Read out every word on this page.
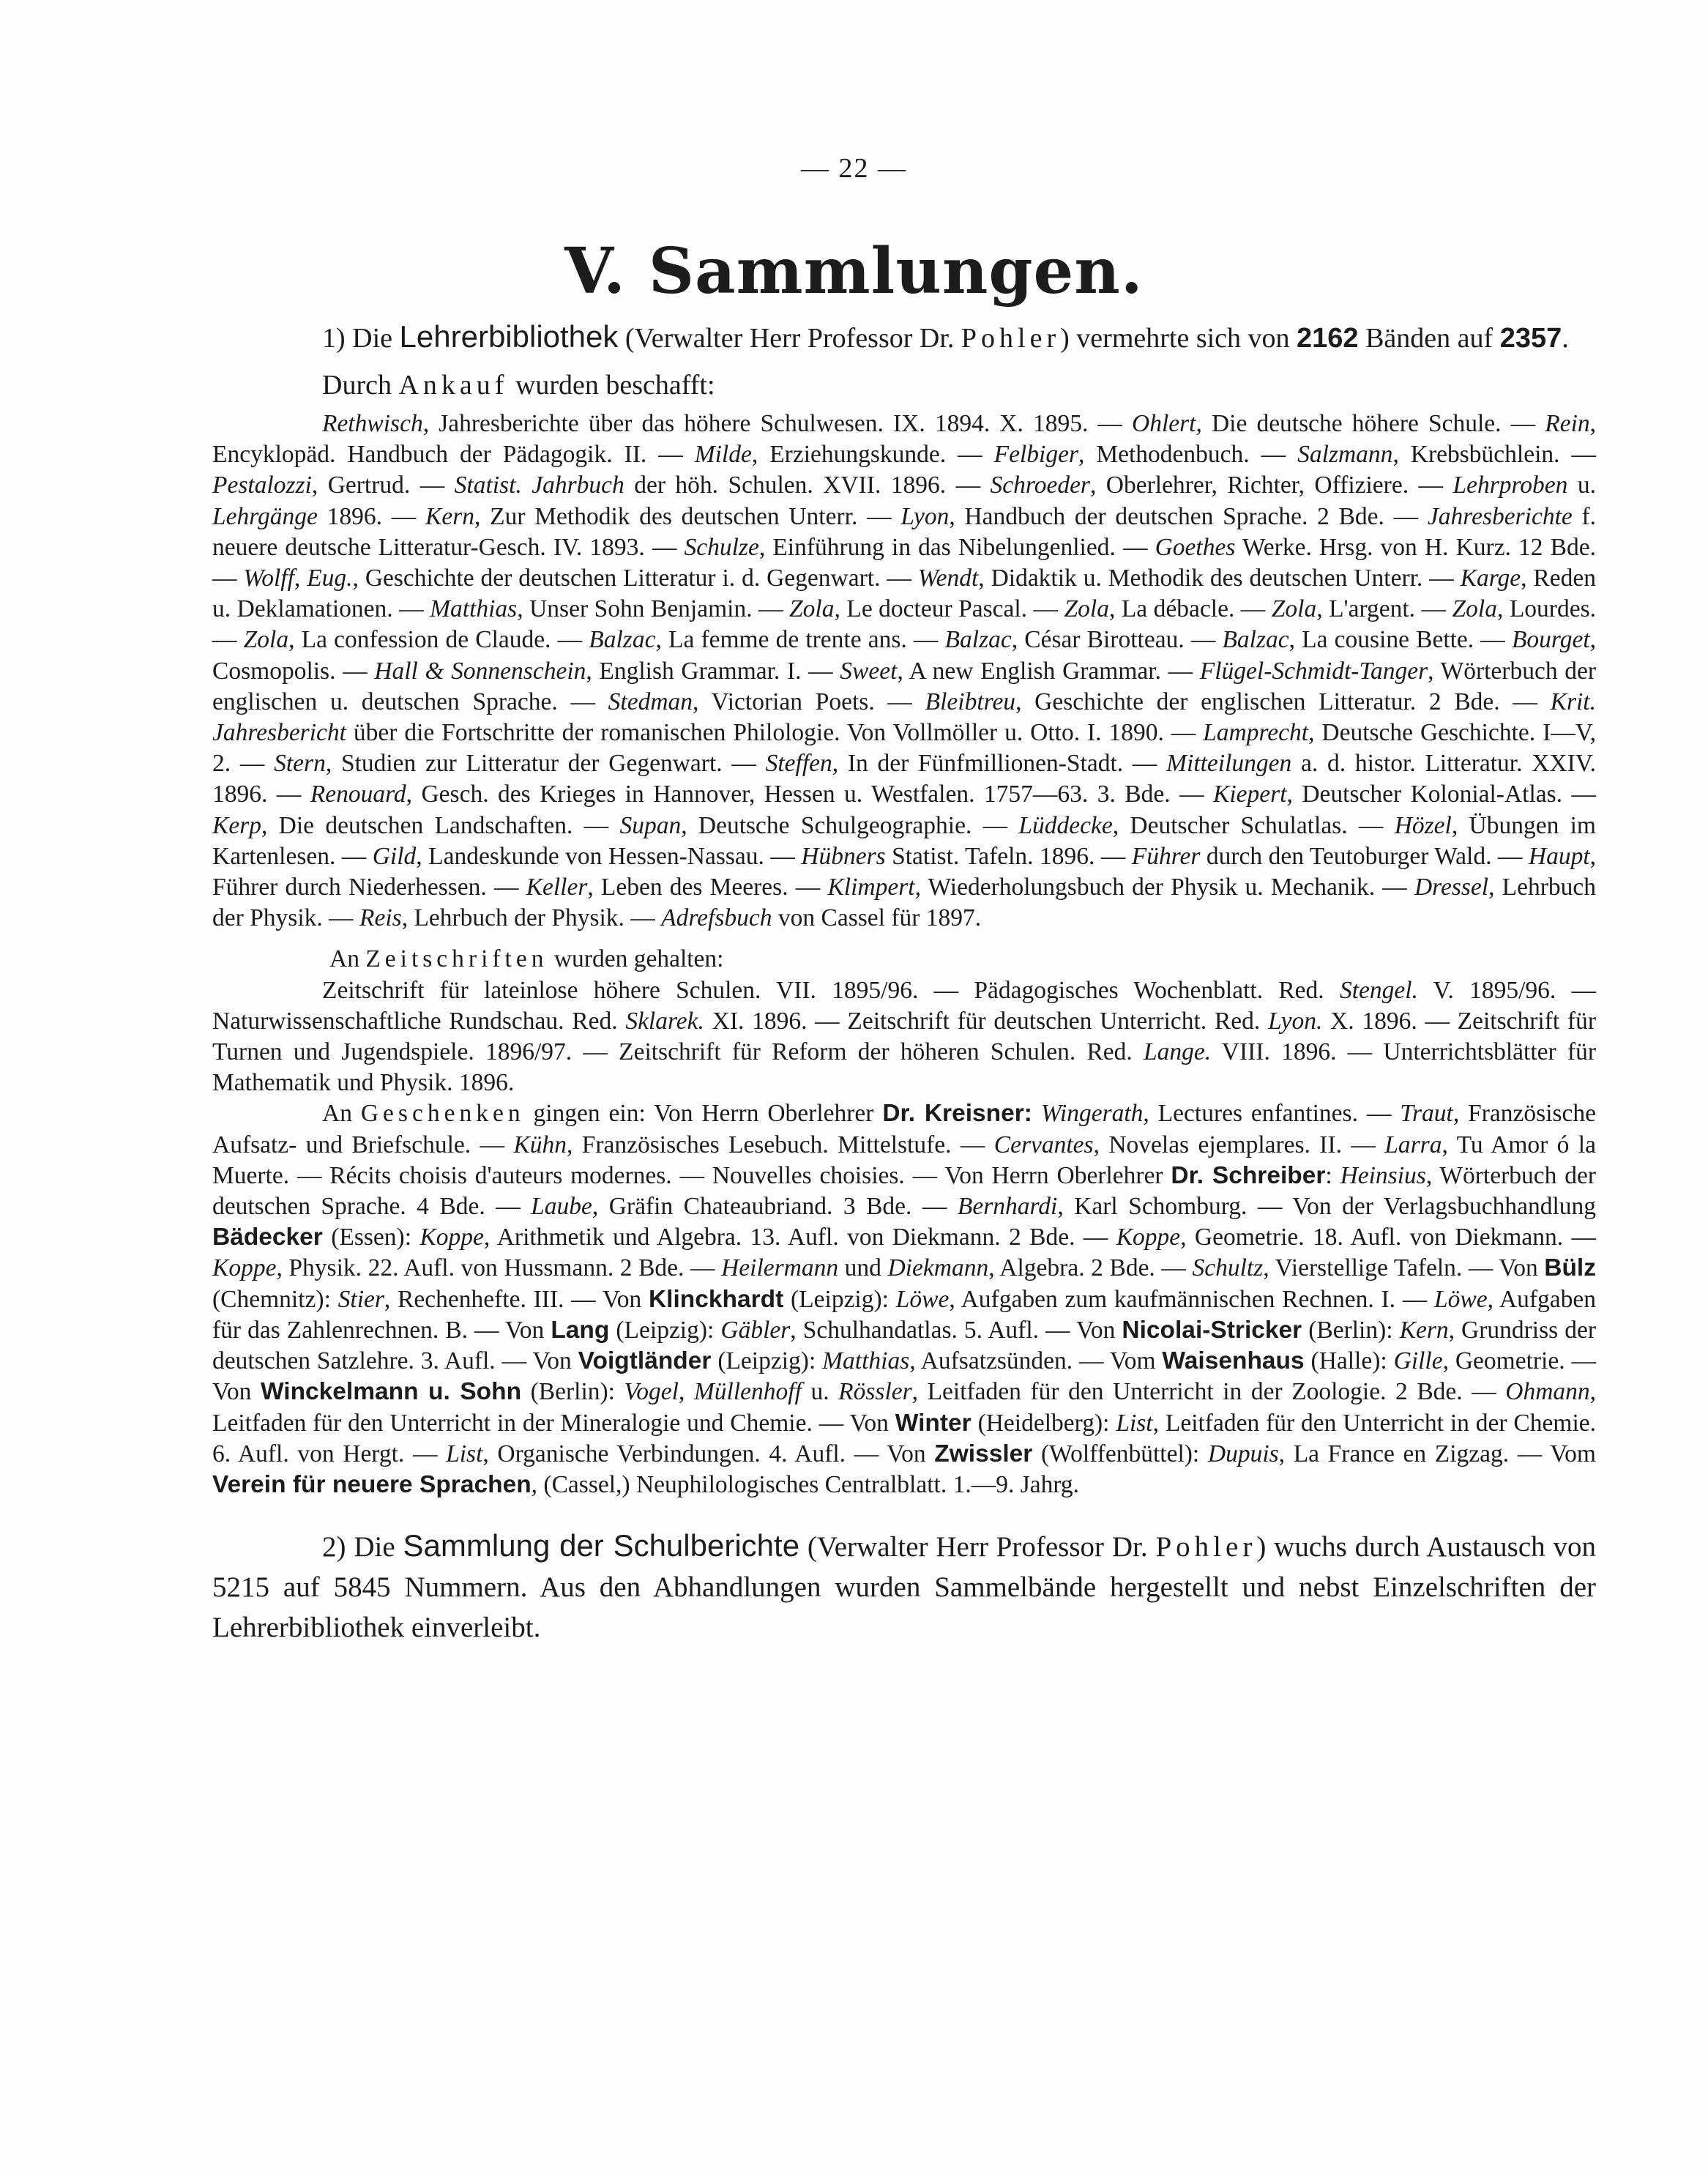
— 22 —
V. Sammlungen.

1) Die Lehrerbibliothek (Verwalter Herr Professor Dr. Pohler) vermehrte sich von 2162 Bänden auf 2357.

Durch Ankauf wurden beschafft:

Rethwisch, Jahresberichte über das höhere Schulwesen. IX. 1894. X. 1895. — Ohlert, Die deutsche höhere Schule. — Rein, Encyklopäd. Handbuch der Pädagogik. II. — Milde, Erziehungskunde. — Felbiger, Methodenbuch. — Salzmann, Krebsbüchlein. — Pestalozzi, Gertrud. — Statist. Jahrbuch der höh. Schulen. XVII. 1896. — Schroeder, Oberlehrer, Richter, Offiziere. — Lehrproben u. Lehrgänge 1896. — Kern, Zur Methodik des deutschen Unterr. — Lyon, Handbuch der deutschen Sprache. 2 Bde. — Jahresberichte f. neuere deutsche Litteratur-Gesch. IV. 1893. — Schulze, Einführung in das Nibelungenlied. — Goethes Werke. Hrsg. von H. Kurz. 12 Bde. — Wolff, Eug., Geschichte der deutschen Litteratur i. d. Gegenwart. — Wendt, Didaktik u. Methodik des deutschen Unterr. — Karge, Reden u. Deklamationen. — Matthias, Unser Sohn Benjamin. — Zola, Le docteur Pascal. — Zola, La débacle. — Zola, L'argent. — Zola, Lourdes. — Zola, La confession de Claude. — Balzac, La femme de trente ans. — Balzac, César Birotteau. — Balzac, La cousine Bette. — Bourget, Cosmopolis. — Hall & Sonnenschein, English Grammar. I. — Sweet, A new English Grammar. — Flügel-Schmidt-Tanger, Wörterbuch der englischen u. deutschen Sprache. — Stedman, Victorian Poets. — Bleibtreu, Geschichte der englischen Litteratur. 2 Bde. — Krit. Jahresbericht über die Fortschritte der romanischen Philologie. Von Vollmöller u. Otto. I. 1890. — Lamprecht, Deutsche Geschichte. I—V, 2. — Stern, Studien zur Litteratur der Gegenwart. — Steffen, In der Fünfmillionen-Stadt. — Mitteilungen a. d. histor. Litteratur. XXIV. 1896. — Renouard, Gesch. des Krieges in Hannover, Hessen u. Westfalen. 1757—63. 3. Bde. — Kiepert, Deutscher Kolonial-Atlas. — Kerp, Die deutschen Landschaften. — Supan, Deutsche Schulgeographie. — Lüddecke, Deutscher Schulatlas. — Hözel, Übungen im Kartenlesen. — Gild, Landeskunde von Hessen-Nassau. — Hübners Statist. Tafeln. 1896. — Führer durch den Teutoburger Wald. — Haupt, Führer durch Niederhessen. — Keller, Leben des Meeres. — Klimpert, Wiederholungsbuch der Physik u. Mechanik. — Dressel, Lehrbuch der Physik. — Reis, Lehrbuch der Physik. — Adrefsbuch von Cassel für 1897.

An Zeitschriften wurden gehalten:

Zeitschrift für lateinlose höhere Schulen. VII. 1895/96. — Pädagogisches Wochenblatt. Red. Stengel. V. 1895/96. — Naturwissenschaftliche Rundschau. Red. Sklarek. XI. 1896. — Zeitschrift für deutschen Unterricht. Red. Lyon. X. 1896. — Zeitschrift für Turnen und Jugendspiele. 1896/97. — Zeitschrift für Reform der höheren Schulen. Red. Lange. VIII. 1896. — Unterrichtsblätter für Mathematik und Physik. 1896.

An Geschenken gingen ein: Von Herrn Oberlehrer Dr. Kreisner: Wingerath, Lectures enfantines. — Traut, Französische Aufsatz- und Briefschule. — Kühn, Französisches Lesebuch. Mittelstufe. — Cervantes, Novelas ejemplares. II. — Larra, Tu Amor ó la Muerte. — Récits choisis d'auteurs modernes. — Nouvelles choisies. — Von Herrn Oberlehrer Dr. Schreiber: Heinsius, Wörterbuch der deutschen Sprache. 4 Bde. — Laube, Gräfin Chateaubriand. 3 Bde. — Bernhardi, Karl Schomburg. — Von der Verlagsbuchhandlung Bädecker (Essen): Koppe, Arithmetik und Algebra. 13. Aufl. von Diekmann. 2 Bde. — Koppe, Geometrie. 18. Aufl. von Diekmann. — Koppe, Physik. 22. Aufl. von Hussmann. 2 Bde. — Heilermann und Diekmann, Algebra. 2 Bde. — Schultz, Vierstellige Tafeln. — Von Bülz (Chemnitz): Stier, Rechenhefte. III. — Von Klinckhardt (Leipzig): Löwe, Aufgaben zum kaufmännischen Rechnen. I. — Löwe, Aufgaben für das Zahlenrechnen. B. — Von Lang (Leipzig): Gäbler, Schulhandatlas. 5. Aufl. — Von Nicolai-Stricker (Berlin): Kern, Grundriss der deutschen Satzlehre. 3. Aufl. — Von Voigtländer (Leipzig): Matthias, Aufsatzsünden. — Vom Waisenhaus (Halle): Gille, Geometrie. — Von Winckelmann u. Sohn (Berlin): Vogel, Müllenhoff u. Rössler, Leitfaden für den Unterricht in der Zoologie. 2 Bde. — Ohmann, Leitfaden für den Unterricht in der Mineralogie und Chemie. — Von Winter (Heidelberg): List, Leitfaden für den Unterricht in der Chemie. 6. Aufl. von Hergt. — List, Organische Verbindungen. 4. Aufl. — Von Zwissler (Wolffenbüttel): Dupuis, La France en Zigzag. — Vom Verein für neuere Sprachen, (Cassel,) Neuphilologisches Centralblatt. 1.—9. Jahrg.

2) Die Sammlung der Schulberichte (Verwalter Herr Professor Dr. Pohler) wuchs durch Austausch von 5215 auf 5845 Nummern. Aus den Abhandlungen wurden Sammelbände hergestellt und nebst Einzelschriften der Lehrerbibliothek einverleibt.
